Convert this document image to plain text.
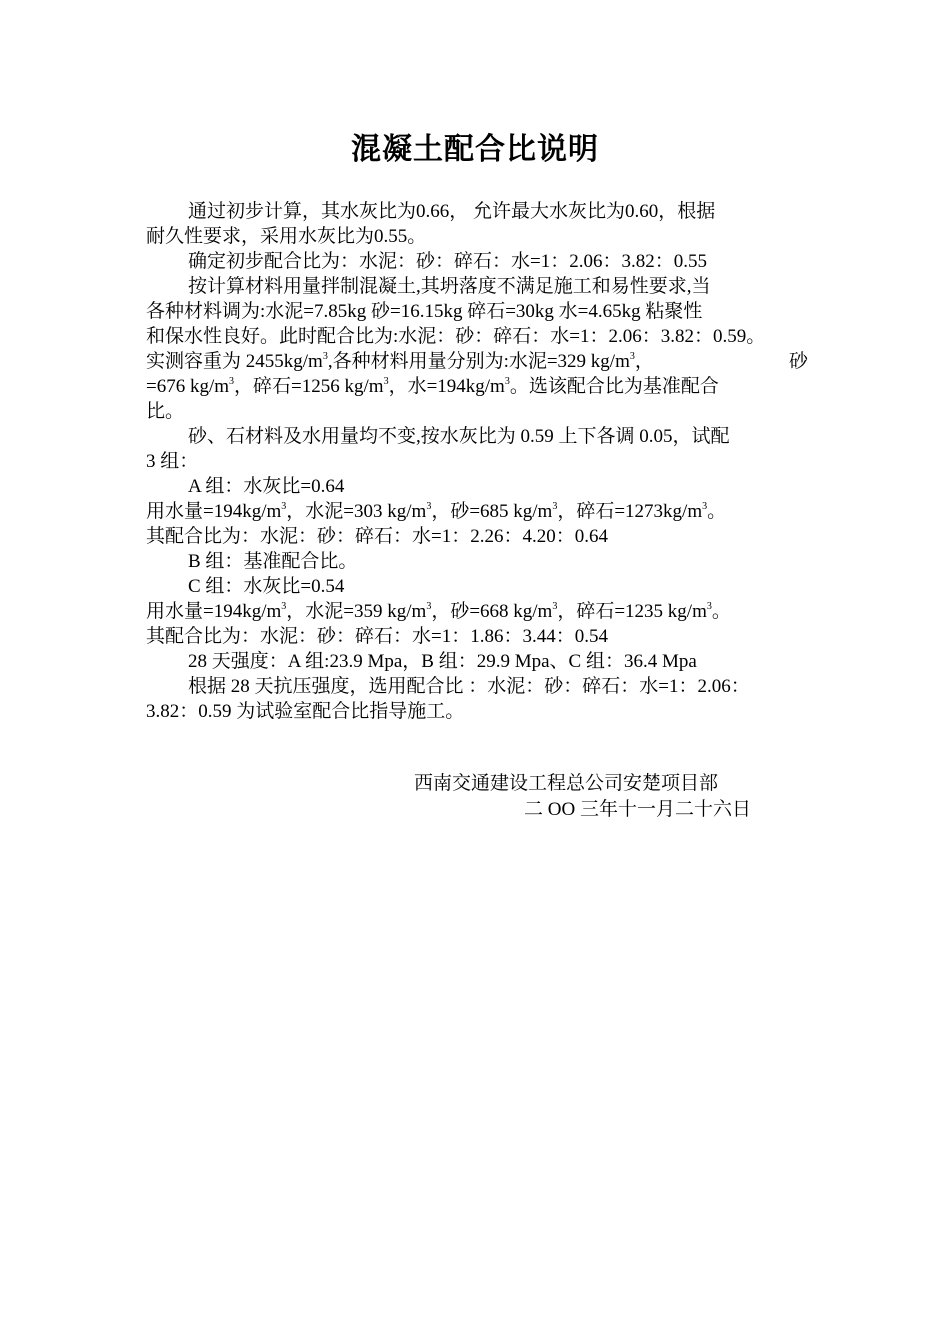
混凝土配合比说明
通过初步计算，其水灰比为0.66， 允许最大水灰比为0.60，根据
耐久性要求，采用水灰比为0.55。
确定初步配合比为：水泥：砂：碎石：水=1：2.06：3.82：0.55
按计算材料用量拌制混凝土,其坍落度不满足施工和易性要求,当
各种材料调为:水泥=7.85kg 砂=16.15kg 碎石=30kg 水=4.65kg 粘聚性
和保水性良好。此时配合比为:水泥：砂：碎石：水=1：2.06：3.82：0.59。
实测容重为 $2455kg/m^3$,各种材料用量分别为:水泥=329 $kg/m^3$，	砂
=676 $kg/m^3$，碎石=1256 $kg/m^3$，水$=194kg/m^3$。选该配合比为基准配合
比。
砂、石材料及水用量均不变,按水灰比为 0.59 上下各调 0.05，试配
3 组：
A 组：水灰比=0.64
用水量$=194kg/m^3$，水泥=303 $kg/m^3$，砂=685 $kg/m^3$，碎石$=1273kg/m^3$。
其配合比为：水泥：砂：碎石：水=1：2.26：4.20：0.64
B 组：基准配合比。
C 组：水灰比=0.54
用水量$=194kg/m^3$，水泥=359 $kg/m^3$，砂=668 $kg/m^3$，碎石=1235 $kg/m^3$。
其配合比为：水泥：砂：碎石：水=1：1.86：3.44：0.54
28 天强度：A 组:23.9 Mpa，B 组：29.9 Mpa、C 组：36.4 Mpa
根据 28 天抗压强度，选用配合比 ：水泥：砂：碎石：水=1：2.06：
3.82：0.59 为试验室配合比指导施工。
西南交通建设工程总公司安楚项目部
二 OO 三年十一月二十六日
